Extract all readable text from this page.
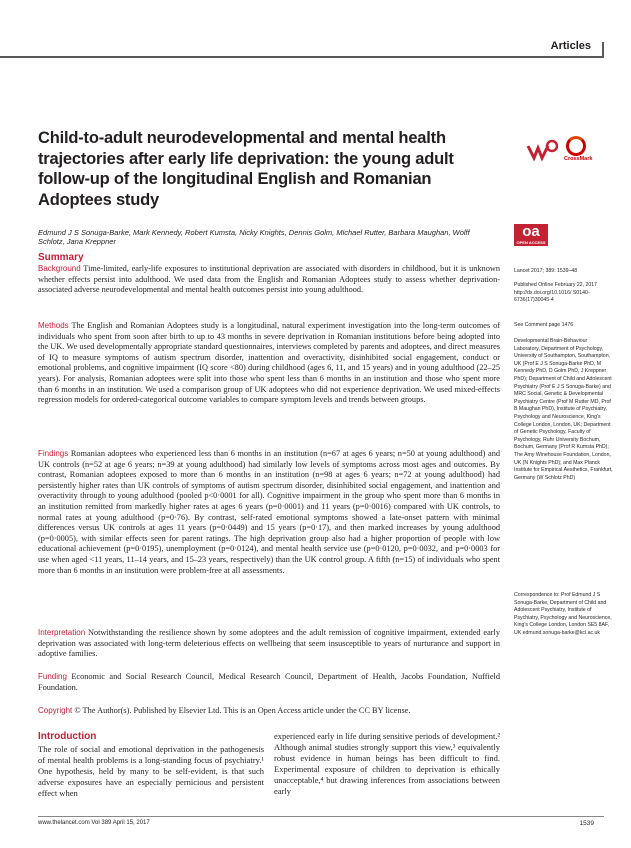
Articles
Child-to-adult neurodevelopmental and mental health trajectories after early life deprivation: the young adult follow-up of the longitudinal English and Romanian Adoptees study
CrossMark
Edmund J S Sonuga-Barke, Mark Kennedy, Robert Kumsta, Nicky Knights, Dennis Golm, Michael Rutter, Barbara Maughan, Wolff Schlotz, Jana Kreppner
oa
OPEN ACCESS
Summary

Background Time-limited, early-life exposures to institutional deprivation are associated with disorders in childhood, but it is unknown whether effects persist into adulthood. We used data from the English and Romanian Adoptees study to assess whether deprivation-associated adverse neurodevelopmental and mental health outcomes persist into young adulthood.

Methods The English and Romanian Adoptees study is a longitudinal, natural experiment investigation into the long-term outcomes of individuals who spent from soon after birth to up to 43 months in severe deprivation in Romanian institutions before being adopted into the UK. We used developmentally appropriate standard questionnaires, interviews completed by parents and adoptees, and direct measures of IQ to measure symptoms of autism spectrum disorder, inattention and overactivity, disinhibited social engagement, conduct or emotional problems, and cognitive impairment (IQ score <80) during childhood (ages 6, 11, and 15 years) and in young adulthood (22–25 years). For analysis, Romanian adoptees were split into those who spent less than 6 months in an institution and those who spent more than 6 months in an institution. We used a comparison group of UK adoptees who did not experience deprivation. We used mixed-effects regression models for ordered-categorical outcome variables to compare symptom levels and trends between groups.

Findings Romanian adoptees who experienced less than 6 months in an institution (n=67 at ages 6 years; n=50 at young adulthood) and UK controls (n=52 at age 6 years; n=39 at young adulthood) had similarly low levels of symptoms across most ages and outcomes. By contrast, Romanian adoptees exposed to more than 6 months in an institution (n=98 at ages 6 years; n=72 at young adulthood) had persistently higher rates than UK controls of symptoms of autism spectrum disorder, disinhibited social engagement, and inattention and overactivity through to young adulthood (pooled p<0·0001 for all). Cognitive impairment in the group who spent more than 6 months in an institution remitted from markedly higher rates at ages 6 years (p=0·0001) and 11 years (p=0·0016) compared with UK controls, to normal rates at young adulthood (p=0·76). By contrast, self-rated emotional symptoms showed a late-onset pattern with minimal differences versus UK controls at ages 11 years (p=0·0449) and 15 years (p=0·17), and then marked increases by young adulthood (p=0·0005), with similar effects seen for parent ratings. The high deprivation group also had a higher proportion of people with low educational achievement (p=0·0195), unemployment (p=0·0124), and mental health service use (p=0·0120, p=0·0032, and p=0·0003 for use when aged <11 years, 11–14 years, and 15–23 years, respectively) than the UK control group. A fifth (n=15) of individuals who spent more than 6 months in an institution were problem-free at all assessments.

Interpretation Notwithstanding the resilience shown by some adoptees and the adult remission of cognitive impairment, extended early deprivation was associated with long-term deleterious effects on wellbeing that seem insusceptible to years of nurturance and support in adoptive families.

Funding Economic and Social Research Council, Medical Research Council, Department of Health, Jacobs Foundation, Nuffield Foundation.

Copyright © The Author(s). Published by Elsevier Ltd. This is an Open Access article under the CC BY license.

Lancet 2017; 389: 1539–48
Published Online February 22, 2017 http://dx.doi.org/10.1016/ S0140-6736(17)30045-4
See Comment page 1476
Developmental Brain-Behaviour Laboratory, Department of Psychology, University of Southampton, Southampton, UK (Prof E J S Sonuga-Barke PhD, M Kennedy PhD, D Golm PhD, J Kreppner PhD); Department of Child and Adolescent Psychiatry (Prof E J S Sonuga-Barke) and MRC Social, Genetic & Developmental Psychiatry Centre (Prof M Rutter MD, Prof B Maughan PhD), Institute of Psychiatry, Psychology and Neuroscience, King's College London, London, UK; Department of Genetic Psychology, Faculty of Psychology, Ruhr University Bochum, Bochum, Germany (Prof R Kumsta PhD); The Amy Winehouse Foundation, London, UK (N Knights PhD); and Max Planck Institute for Empirical Aesthetics, Frankfurt, Germany (W Schlotz PhD)
Correspondence to: Prof Edmund J S Sonuga-Barke, Department of Child and Adolescent Psychiatry, Institute of Psychiatry, Psychology and Neuroscience, King's College London, London SE5 8AF, UK edmund.sonuga-barke@kcl.ac.uk
Introduction

The role of social and emotional deprivation in the pathogenesis of mental health problems is a long-standing focus of psychiatry.¹ One hypothesis, held by many to be self-evident, is that such adverse exposures have an especially pernicious and persistent effect when

experienced early in life during sensitive periods of development.² Although animal studies strongly support this view,³ equivalently robust evidence in human beings has been difficult to find. Experimental exposure of children to deprivation is ethically unacceptable,⁴ but drawing inferences from associations between early

www.thelancet.com Vol 389 April 15, 2017	1539
